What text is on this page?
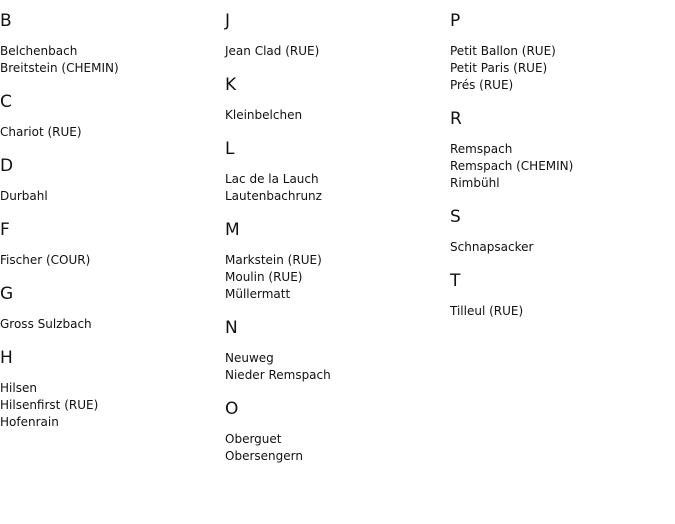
B
Belchenbach
Breitstein (CHEMIN)
C
Chariot (RUE)
D
Durbahl
F
Fischer (COUR)
G
Gross Sulzbach
H
Hilsen
Hilsenfirst (RUE)
Hofenrain
J
Jean Clad (RUE)
K
Kleinbelchen
L
Lac de la Lauch
Lautenbachrunz
M
Markstein (RUE)
Moulin (RUE)
Müllermatt
N
Neuweg
Nieder Remspach
O
Oberguet
Obersengern
P
Petit Ballon (RUE)
Petit Paris (RUE)
Prés (RUE)
R
Remspach
Remspach (CHEMIN)
Rimbühl
S
Schnapsacker
T
Tilleul (RUE)
